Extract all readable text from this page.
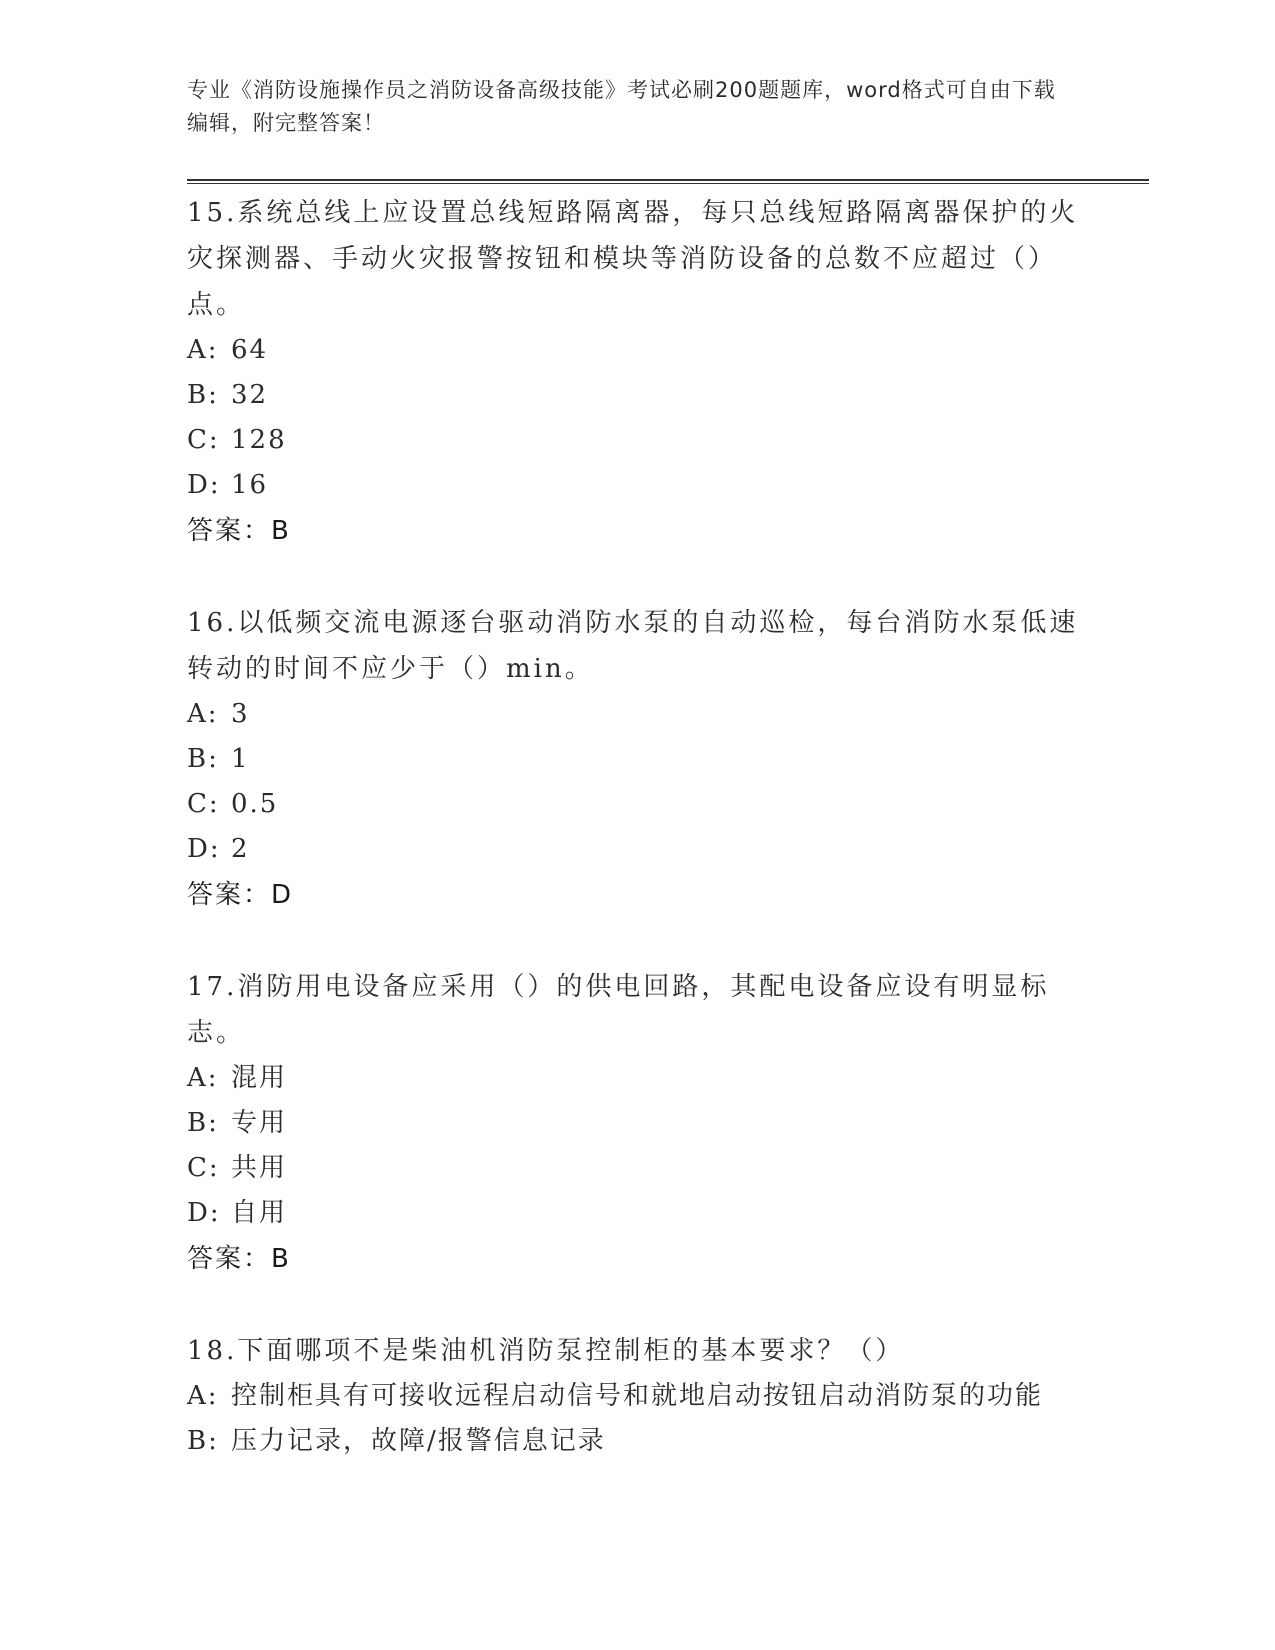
专业《消防设施操作员之消防设备高级技能》考试必刷200题题库，word格式可自由下载编辑，附完整答案！

15.系统总线上应设置总线短路隔离器，每只总线短路隔离器保护的火灾探测器、手动火灾报警按钮和模块等消防设备的总数不应超过（）点。

A: 64
B: 32
C: 128
D: 16

答案：B

16.以低频交流电源逐台驱动消防水泵的自动巡检，每台消防水泵低速转动的时间不应少于（）min。

A: 3
B: 1
C: 0.5
D: 2

答案：D

17.消防用电设备应采用（）的供电回路，其配电设备应设有明显标志。

A: 混用
B: 专用
C: 共用
D: 自用

答案：B

18.下面哪项不是柴油机消防泵控制柜的基本要求？（）

A: 控制柜具有可接收远程启动信号和就地启动按钮启动消防泵的功能
B: 压力记录，故障/报警信息记录
